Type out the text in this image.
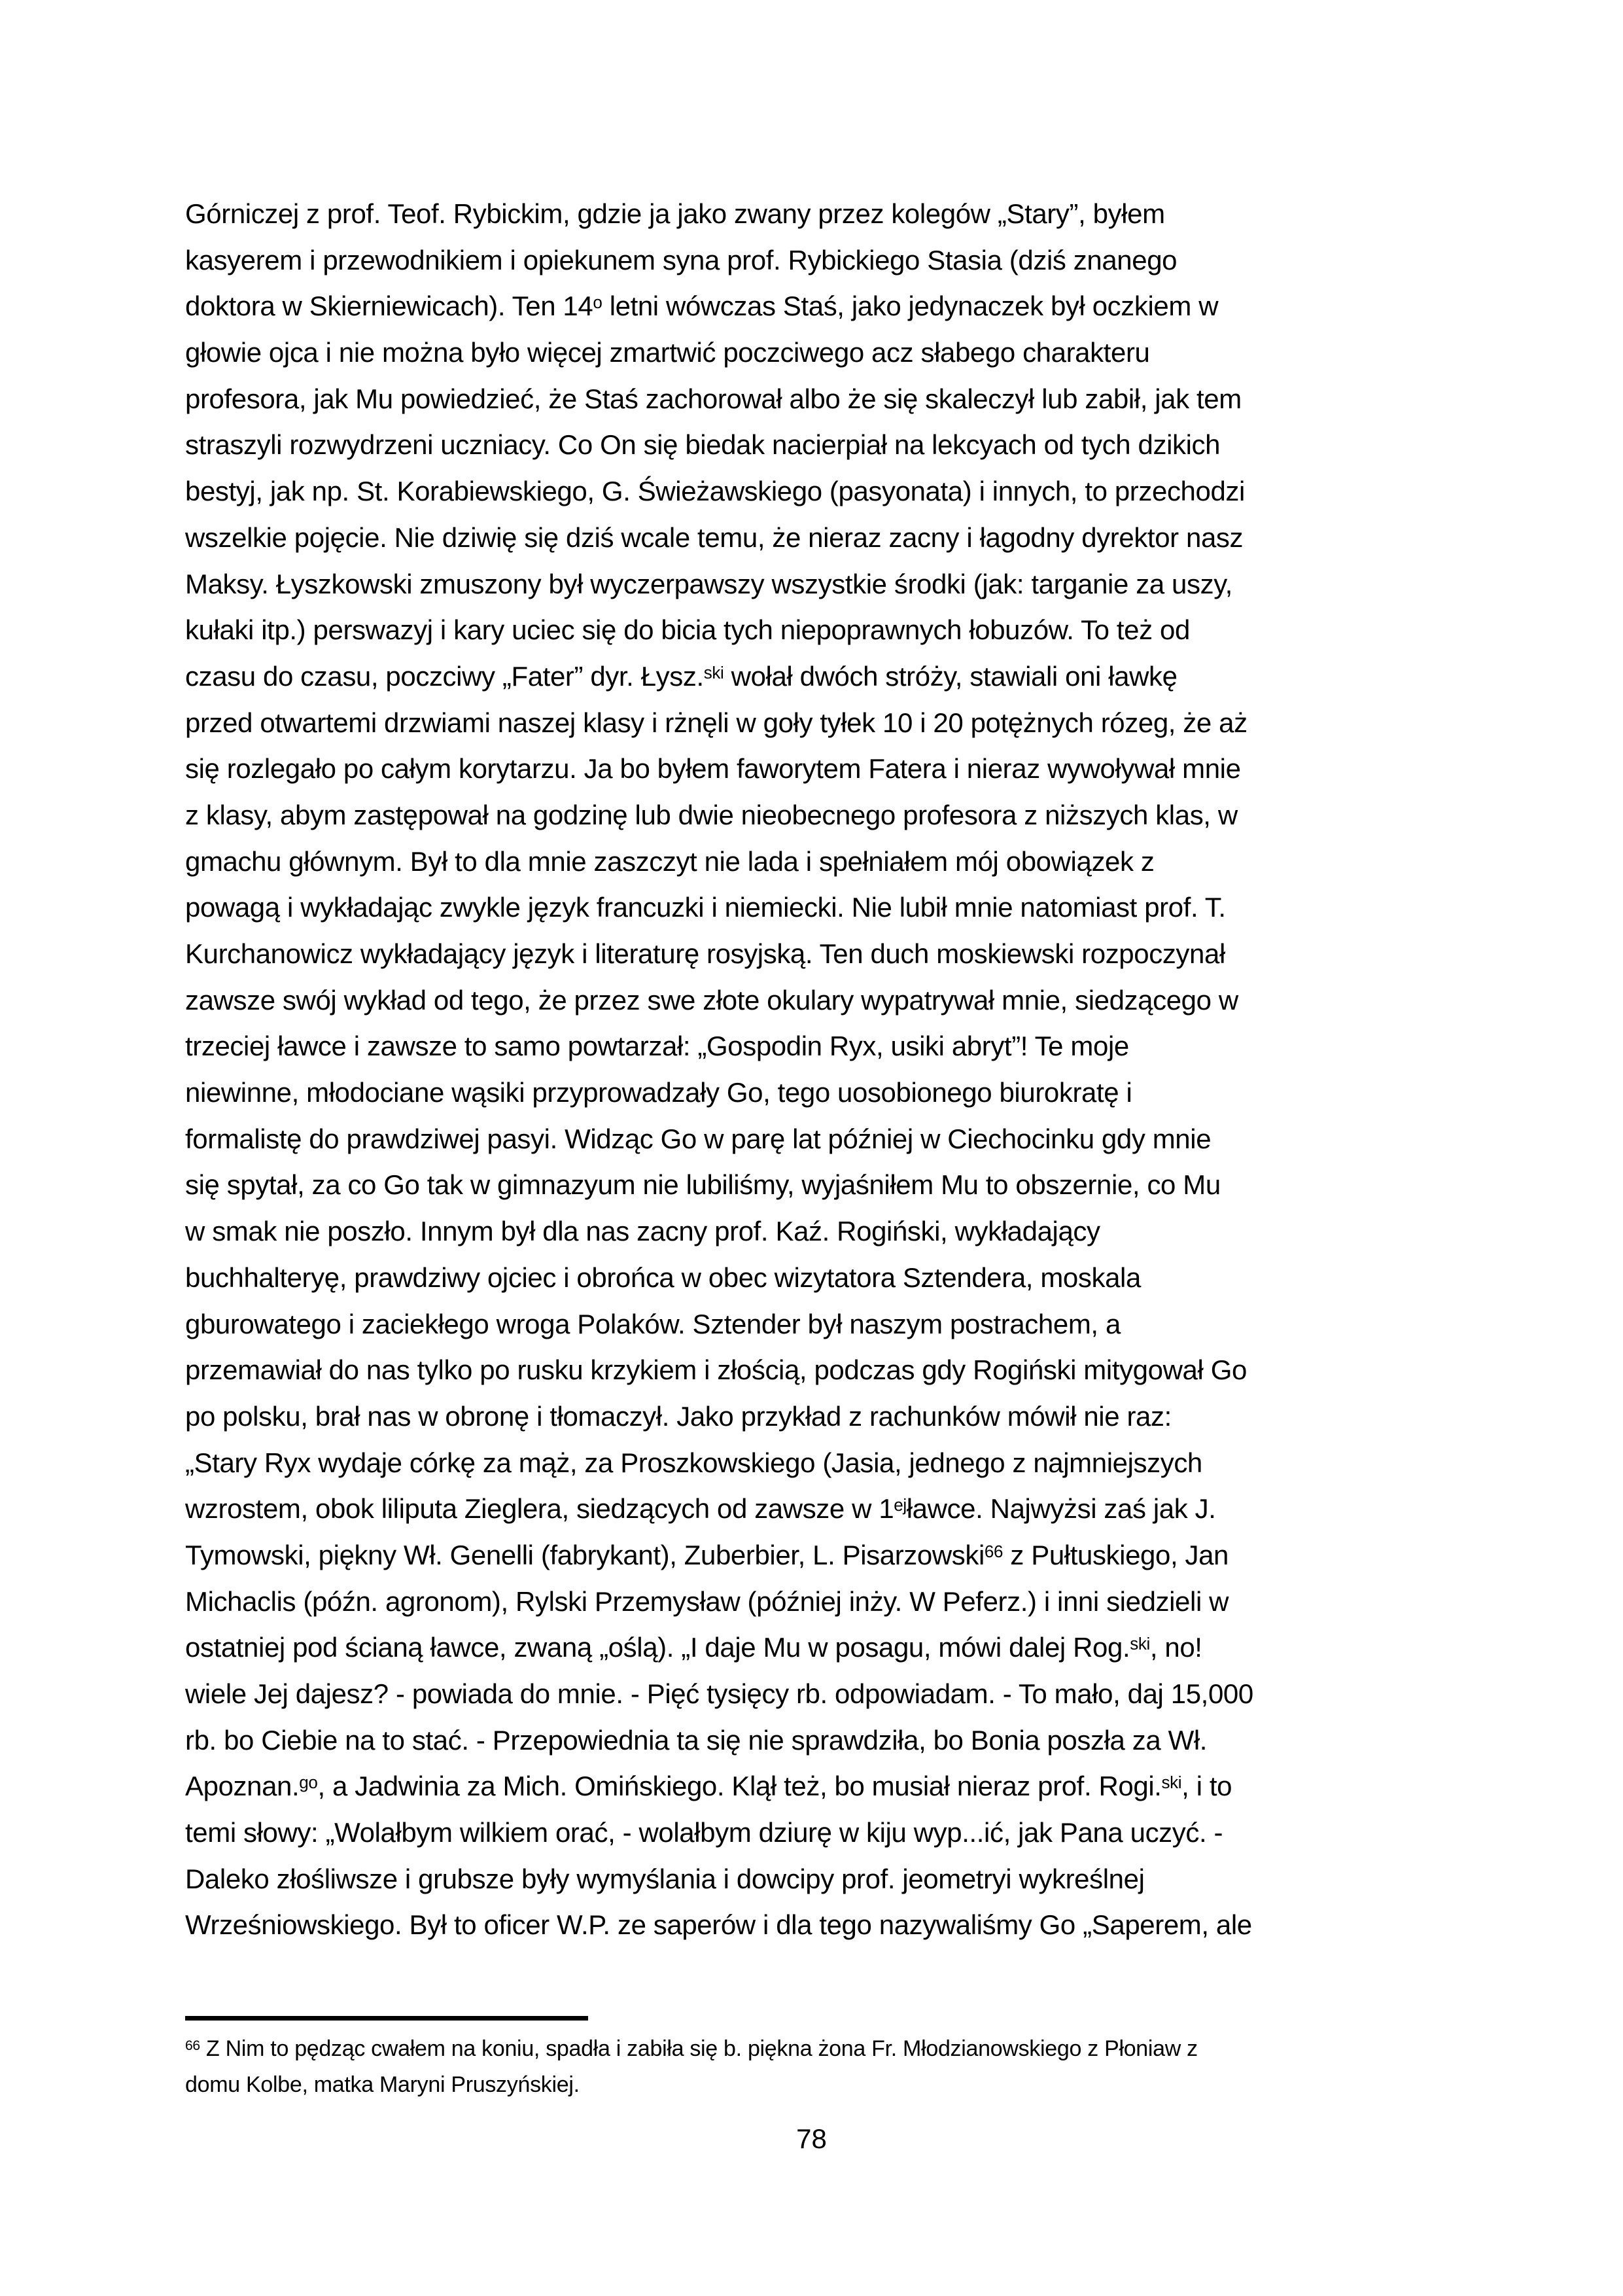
Górniczej z prof. Teof. Rybickim, gdzie ja jako zwany przez kolegów „Stary”, byłem
kasyerem i przewodnikiem i opiekunem syna prof. Rybickiego Stasia (dziś znanego
doktora w Skierniewicach). Ten 14$^o$ letni wówczas Staś, jako jedynaczek był oczkiem w
głowie ojca i nie można było więcej zmartwić poczciwego acz słabego charakteru
profesora, jak Mu powiedzieć, że Staś zachorował albo że się skaleczył lub zabił, jak tem
straszyli rozwydrzeni uczniacy. Co On się biedak nacierpiał na lekcyach od tych dzikich
bestyj, jak np. St. Korabiewskiego, G. Świeżawskiego (pasyonata) i innych, to przechodzi
wszelkie pojęcie. Nie dziwię się dziś wcale temu, że nieraz zacny i łagodny dyrektor nasz
Maksy. Łyszkowski zmuszony był wyczerpawszy wszystkie środki (jak: targanie za uszy,
kułaki itp.) perswazyj i kary uciec się do bicia tych niepoprawnych łobuzów. To też od
czasu do czasu, poczciwy „Fater” dyr. Łysz.$^{ski}$ wołał dwóch stróży, stawiali oni ławkę
przed otwartemi drzwiami naszej klasy i rżnęli w goły tyłek 10 i 20 potężnych rózeg, że aż
się rozlegało po całym korytarzu. Ja bo byłem faworytem Fatera i nieraz wywoływał mnie
z klasy, abym zastępował na godzinę lub dwie nieobecnego profesora z niższych klas, w
gmachu głównym. Był to dla mnie zaszczyt nie lada i spełniałem mój obowiązek z
powagą i wykładając zwykle język francuzki i niemiecki. Nie lubił mnie natomiast prof. T.
Kurchanowicz wykładający język i literaturę rosyjską. Ten duch moskiewski rozpoczynał
zawsze swój wykład od tego, że przez swe złote okulary wypatrywał mnie, siedzącego w
trzeciej ławce i zawsze to samo powtarzał: „Gospodin Ryx, usiki abryt”! Te moje
niewinne, młodociane wąsiki przyprowadzały Go, tego uosobionego biurokratę i
formalistę do prawdziwej pasyi. Widząc Go w parę lat później w Ciechocinku gdy mnie
się spytał, za co Go tak w gimnazyum nie lubiliśmy, wyjaśniłem Mu to obszernie, co Mu
w smak nie poszło. Innym był dla nas zacny prof. Kaź. Rogiński, wykładający
buchhalteryę, prawdziwy ojciec i obrońca w obec wizytatora Sztendera, moskala
gburowatego i zaciekłego wroga Polaków. Sztender był naszym postrachem, a
przemawiał do nas tylko po rusku krzykiem i złością, podczas gdy Rogiński mitygował Go
po polsku, brał nas w obronę i tłomaczył. Jako przykład z rachunków mówił nie raz:
„Stary Ryx wydaje córkę za mąż, za Proszkowskiego (Jasia, jednego z najmniejszych
wzrostem, obok liliputa Zieglera, siedzących od zawsze w $1^{ej}ławce$. Najwyżsi zaś jak J.
Tymowski, piękny Wł. Genelli (fabrykant), Zuberbier, L. Pisarzowski$^{66}$ z Pułtuskiego, Jan
Michaclis (późn. agronom), Rylski Przemysław (później inży. W Peferz.) i inni siedzieli w
ostatniej pod ścianą ławce, zwaną „oślą). „I daje Mu w posagu, mówi dalej Rog.$^{ski}$, no!
wiele Jej dajesz? - powiada do mnie. - Pięć tysięcy rb. odpowiadam. - To mało, daj 15,000
rb. bo Ciebie na to stać. - Przepowiednia ta się nie sprawdziła, bo Bonia poszła za Wł.
Apoznan.$^{go}$, a Jadwinia za Mich. Omińskiego. Klął też, bo musiał nieraz prof. Rogi.$^{ski}$, i to
temi słowy: „Wolałbym wilkiem orać, - wolałbym dziurę w kiju wyp...ić, jak Pana uczyć. -
Daleko złośliwsze i grubsze były wymyślania i dowcipy prof. jeometryi wykreślnej
Wrześniowskiego. Był to oficer W.P. ze saperów i dla tego nazywaliśmy Go „Saperem, ale
$^{66}$ Z Nim to pędząc cwałem na koniu, spadła i zabiła się b. piękna żona Fr. Młodzianowskiego z Płoniaw z
domu Kolbe, matka Maryni Pruszyńskiej.
78
